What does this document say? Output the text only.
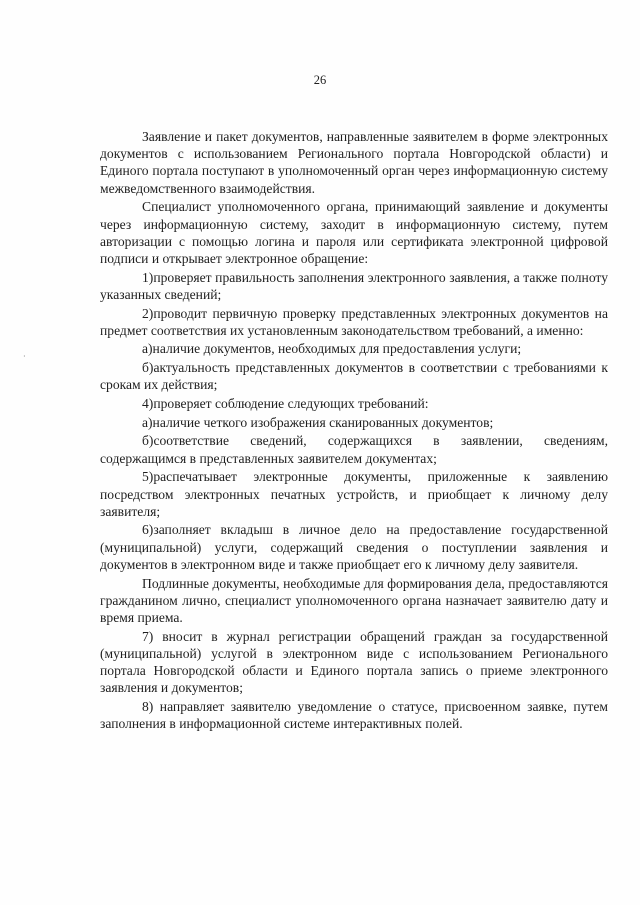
26
·

Заявление и пакет документов, направленные заявителем в форме электронных документов с использованием Регионального портала Новгородской области) и Единого портала поступают в уполномоченный орган через информационную систему межведомственного взаимодействия.

Специалист уполномоченного органа, принимающий заявление и документы через информационную систему, заходит в информационную систему, путем авторизации с помощью логина и пароля или сертификата электронной цифровой подписи и открывает электронное обращение:

1)проверяет правильность заполнения электронного заявления, а также полноту указанных сведений;

2)проводит первичную проверку представленных электронных документов на предмет соответствия их установленным законодательством требований, а именно:

а)наличие документов, необходимых для предоставления услуги;

б)актуальность представленных документов в соответствии с требованиями к срокам их действия;

4)проверяет соблюдение следующих требований:

а)наличие четкого изображения сканированных документов;

б)соответствие сведений, содержащихся в заявлении, сведениям, содержащимся в представленных заявителем документах;

5)распечатывает электронные документы, приложенные к заявлению посредством электронных печатных устройств, и приобщает к личному делу заявителя;

6)заполняет вкладыш в личное дело на предоставление государственной (муниципальной) услуги, содержащий сведения о поступлении заявления и документов в электронном виде и также приобщает его к личному делу заявителя.

Подлинные документы, необходимые для формирования дела, предоставляются гражданином лично, специалист уполномоченного органа назначает заявителю дату и время приема.

7) вносит в журнал регистрации обращений граждан за государственной (муниципальной) услугой в электронном виде с использованием Регионального портала Новгородской области и Единого портала запись о приеме электронного заявления и документов;

8) направляет заявителю уведомление о статусе, присвоенном заявке, путем заполнения в информационной системе интерактивных полей.
